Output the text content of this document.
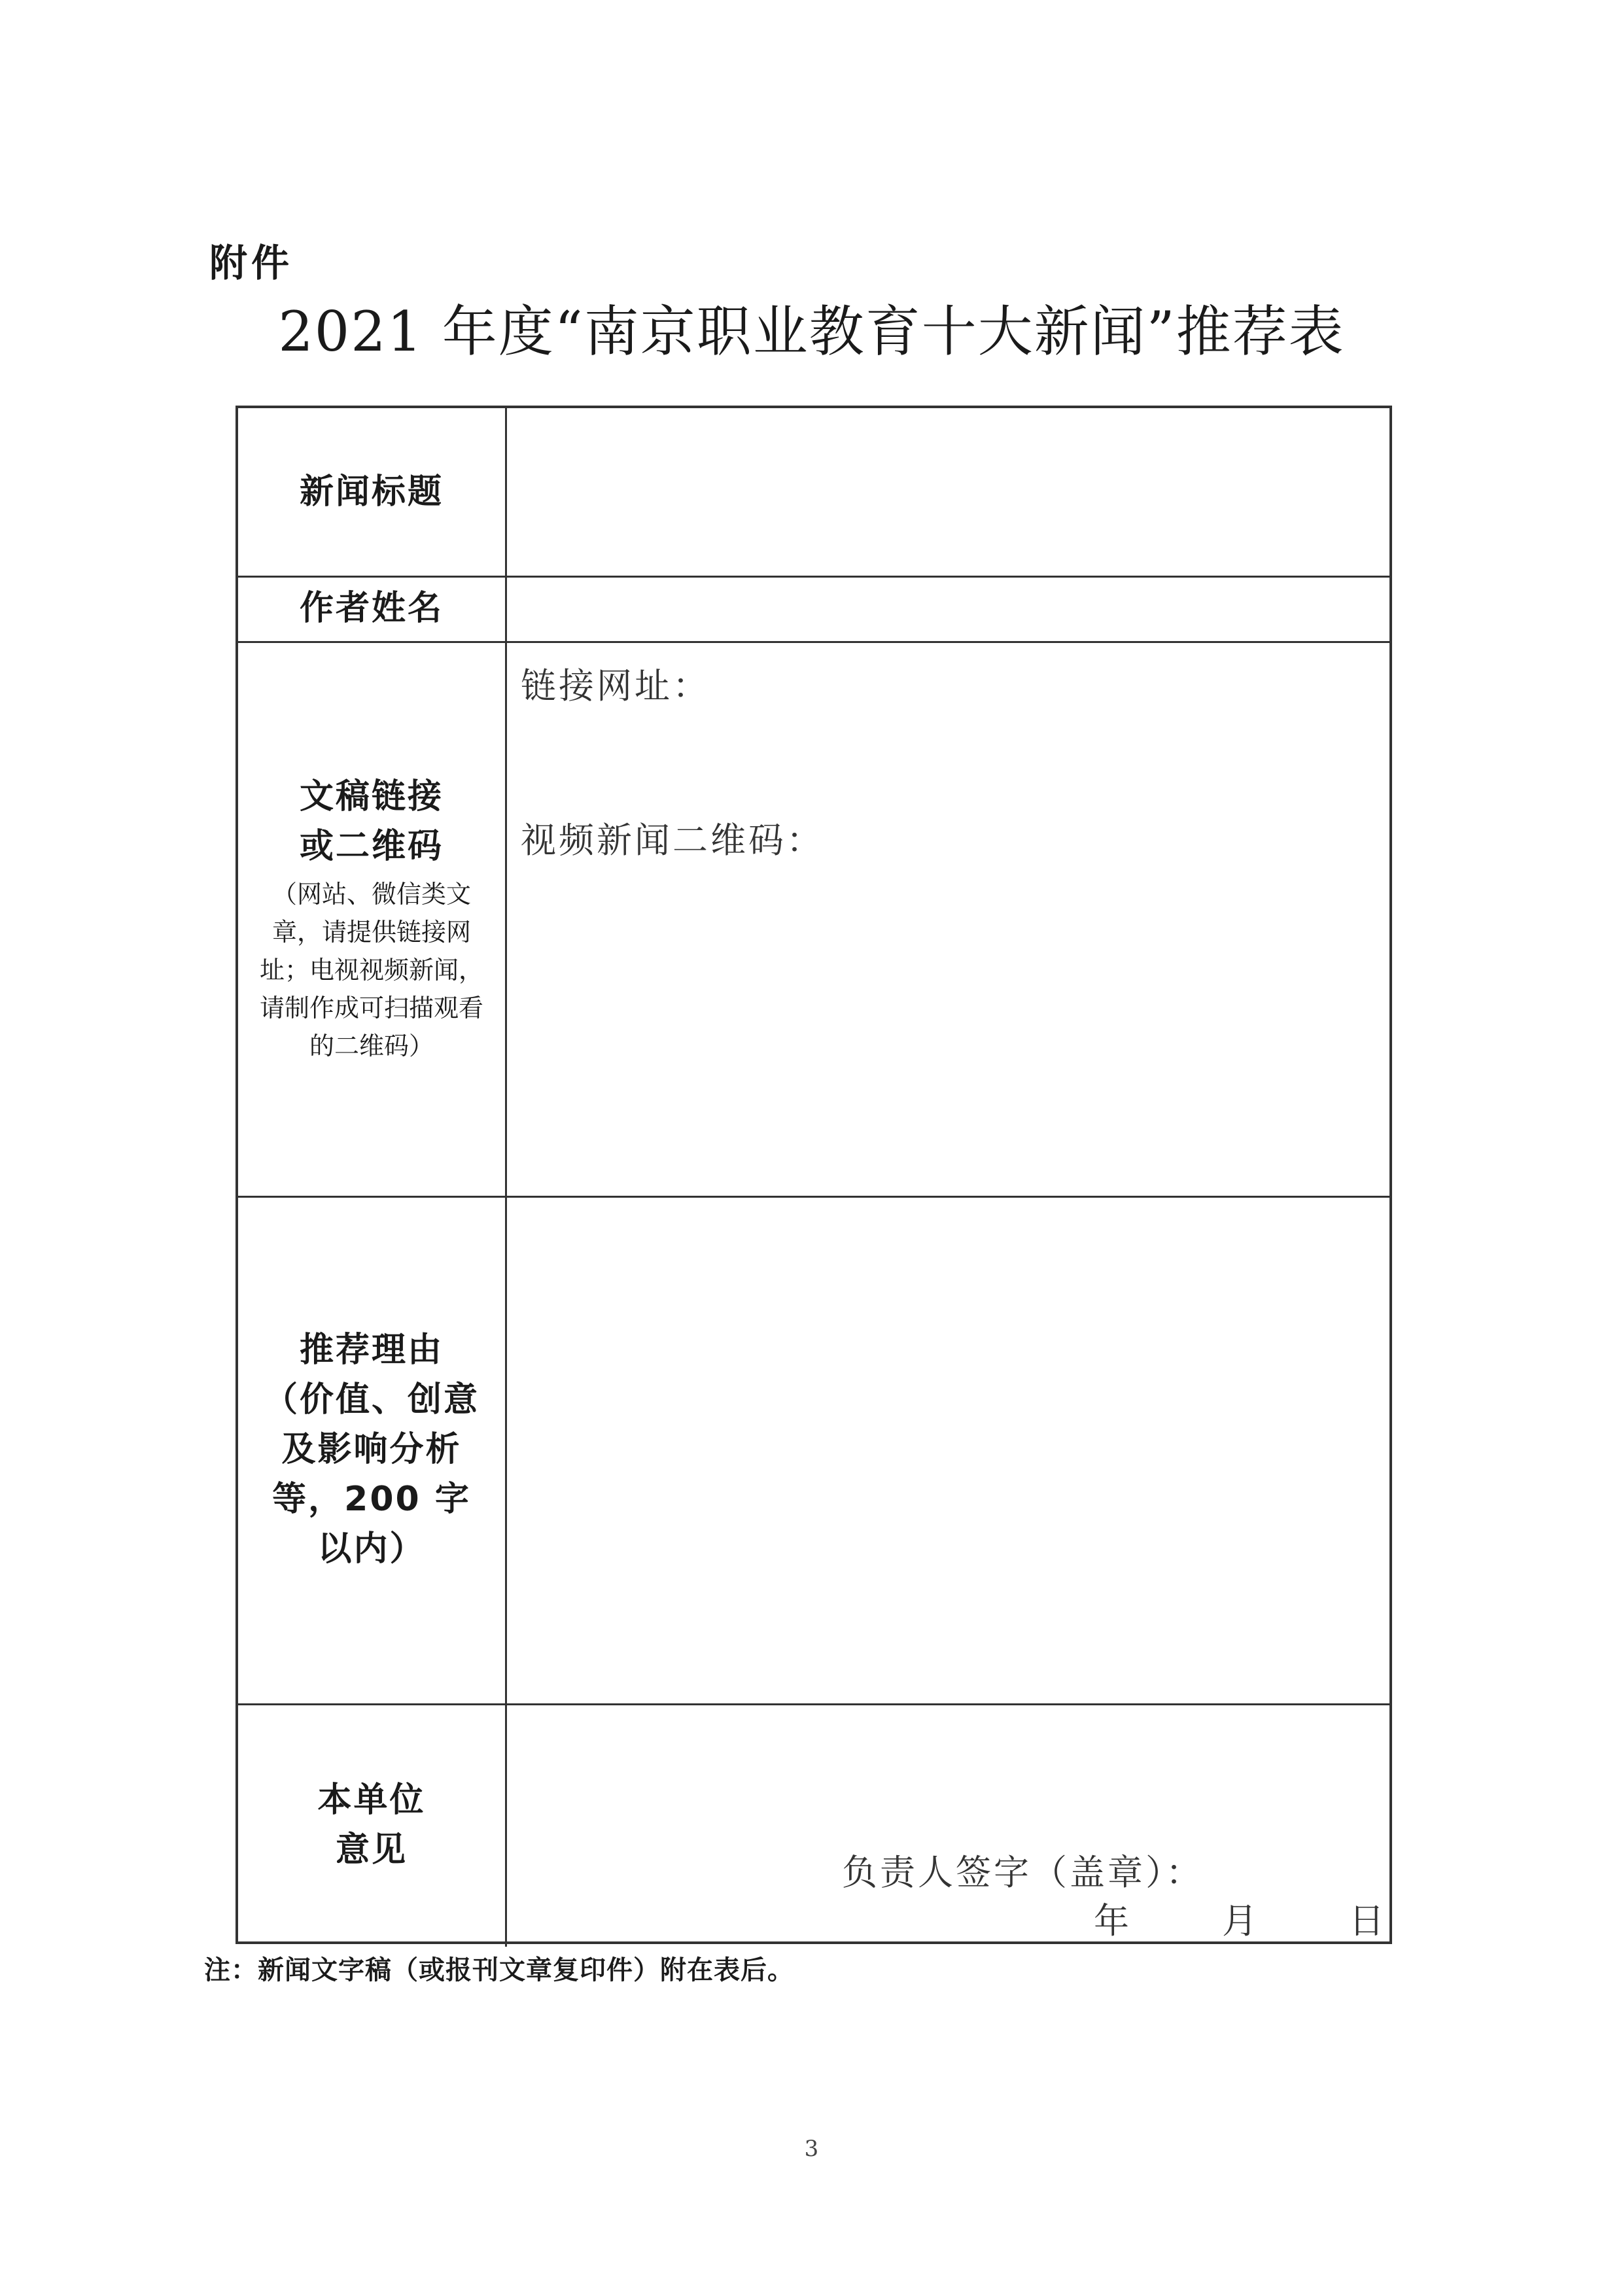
附件
2021 年度“南京职业教育十大新闻”推荐表
新闻标题
作者姓名
文稿链接
或二维码
（网站、微信类文章，请提供链接网址；电视视频新闻，请制作成可扫描观看的二维码）
链接网址：
视频新闻二维码：
推荐理由
（价值、创意及影响分析等，200 字以内）
本单位
意见
负责人签字（盖章）：
年	月	日
注：新闻文字稿（或报刊文章复印件）附在表后。
3
